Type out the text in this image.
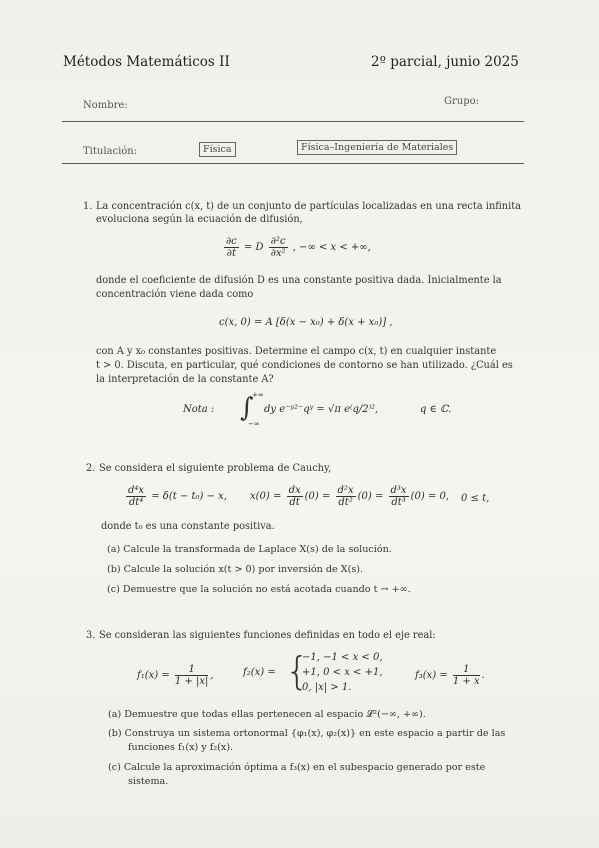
Métodos Matemáticos II	2º parcial, junio 2025
Nombre:	Grupo:
Titulación:	Física	Física–Ingeniería de Materiales
1. La concentración c(x, t) de un conjunto de partículas localizadas en una recta infinita
evoluciona según la ecuación de difusión,
$\frac{\partial c}{\partial t} = D \frac{\text{∂²c}}{\text{∂x²}}$ , −∞ < x < +∞,
donde el coeficiente de difusión D es una constante positiva dada. Inicialmente la
concentración viene dada como
c(x, 0) = A [δ(x − x₀) + δ(x + x₀)] ,
con A y x₀ constantes positivas. Determine el campo c(x, t) en cualquier instante
t > 0. Discuta, en particular, qué condiciones de contorno se han utilizado. ¿Cuál es
la interpretación de la constante A?
Nota : ∫
+∞
−∞
dy e⁻ʸ²⁻qʸ = √π e⁽q/2⁾²,	q ∈ ℂ.
2. Se considera el siguiente problema de Cauchy,
$\frac{\text{d⁴x}}{\text{dt⁴}} = \delta(t - t_0) - x$, $x(0) = \frac{dx}{dt} (0) = \frac{\text{d²x}}{\text{dt²}} (0) = \frac{\text{d³x}}{\text{dt³}} (0) = 0$, 0 ≤ t,
donde t₀ es una constante positiva.
(a) Calcule la transformada de Laplace X(s) de la solución.
(b) Calcule la solución x(t > 0) por inversión de X(s).
(c) Demuestre que la solución no está acotada cuando t → +∞.
3. Se consideran las siguientes funciones definidas en todo el eje real:
$f_1(x) = \frac{1}{1 + |x|}$ ,	f₂(x) = {
−1, −1 < x < 0,
+1, 0 < x < +1,
0, |x| > 1.
$f_3(x) = \frac{1}{1 + x}$ .
(a) Demuestre que todas ellas pertenecen al espacio 𝓛²(−∞, +∞).
(b) Construya un sistema ortonormal {φ₁(x), φ₂(x)} en este espacio a partir de las
funciones f₁(x) y f₂(x).
(c) Calcule la aproximación óptima a f₃(x) en el subespacio generado por este
sistema.
